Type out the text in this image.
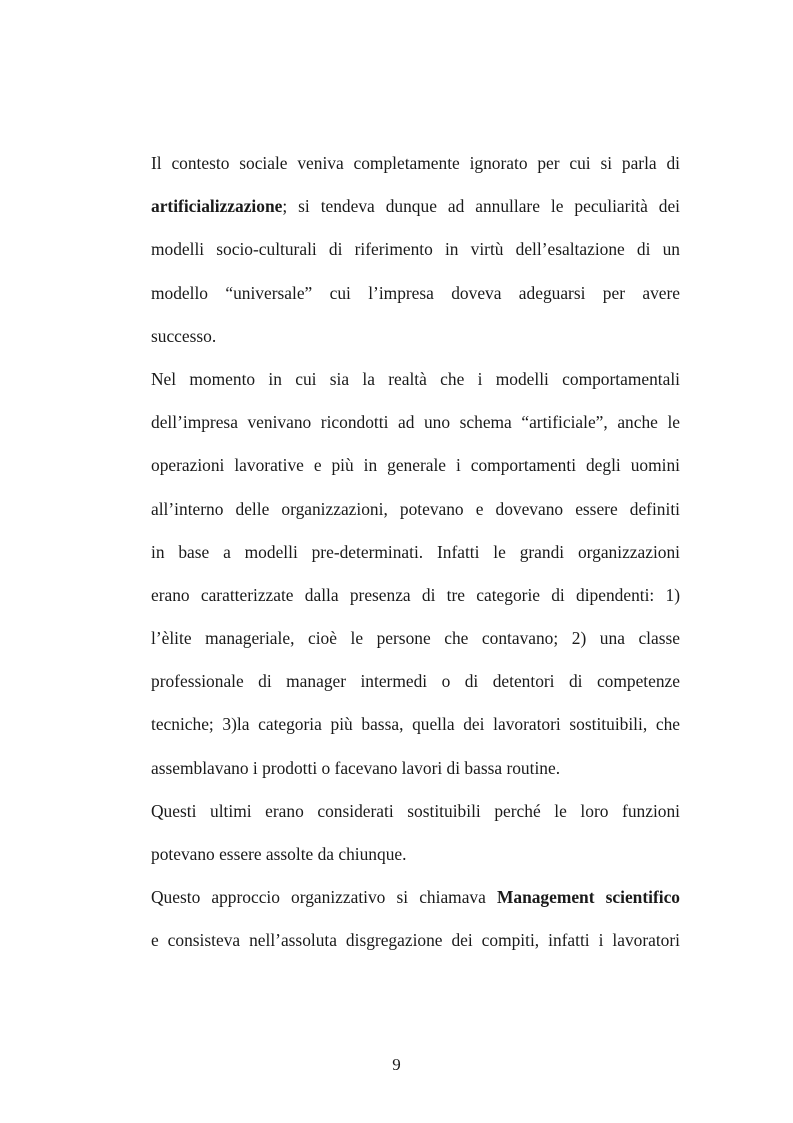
Il contesto sociale veniva completamente ignorato per cui si parla di
artificializzazione; si tendeva dunque ad annullare le peculiarità dei
modelli socio-culturali di riferimento in virtù dell’esaltazione di un
modello “universale” cui l’impresa doveva adeguarsi per avere
successo.
Nel momento in cui sia la realtà che i modelli comportamentali
dell’impresa venivano ricondotti ad uno schema “artificiale”, anche le
operazioni lavorative e più in generale i comportamenti degli uomini
all’interno delle organizzazioni, potevano e dovevano essere definiti
in base a modelli pre-determinati. Infatti le grandi organizzazioni
erano caratterizzate dalla presenza di tre categorie di dipendenti: 1)
l’èlite manageriale, cioè le persone che contavano; 2) una classe
professionale di manager intermedi o di detentori di competenze
tecniche; 3)la categoria più bassa, quella dei lavoratori sostituibili, che
assemblavano i prodotti o facevano lavori di bassa routine.
Questi ultimi erano considerati sostituibili perché le loro funzioni
potevano essere assolte da chiunque.
Questo approccio organizzativo si chiamava Management scientifico
e consisteva nell’assoluta disgregazione dei compiti, infatti i lavoratori
9
